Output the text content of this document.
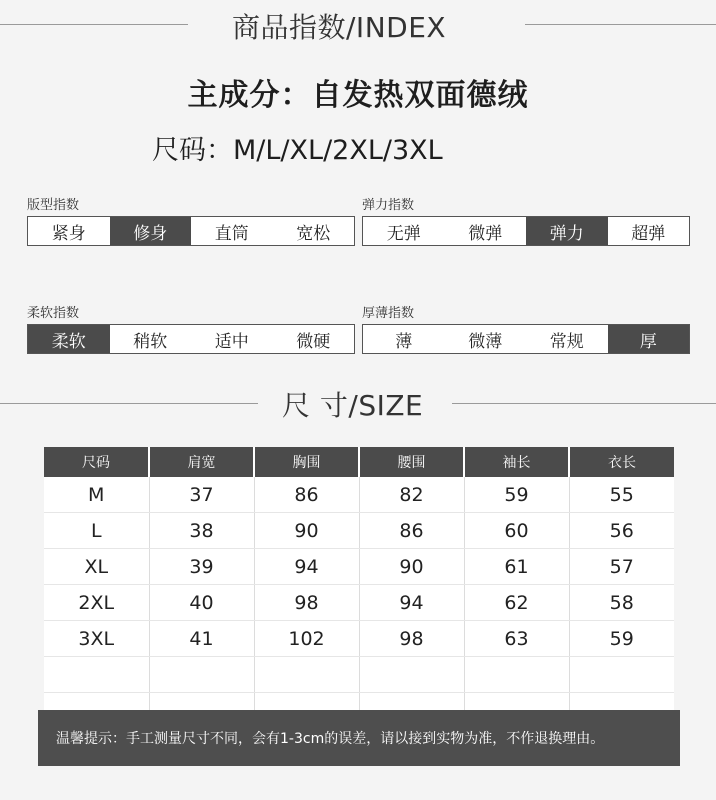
商品指数/INDEX
主成分：自发热双面德绒
尺码：M/L/XL/2XL/3XL
版型指数
紧身	修身	直筒	宽松
弹力指数
无弹	微弹	弹力	超弹
柔软指数
柔软	稍软	适中	微硬
厚薄指数
薄	微薄	常规	厚
尺 寸/SIZE
尺码	肩宽	胸围	腰围	袖长	衣长
M	37	86	82	59	55
L	38	90	86	60	56
XL	39	94	90	61	57
2XL	40	98	94	62	58
3XL	41	102	98	63	59

温馨提示：手工测量尺寸不同，会有1-3cm的误差，请以接到实物为准，不作退换理由。
